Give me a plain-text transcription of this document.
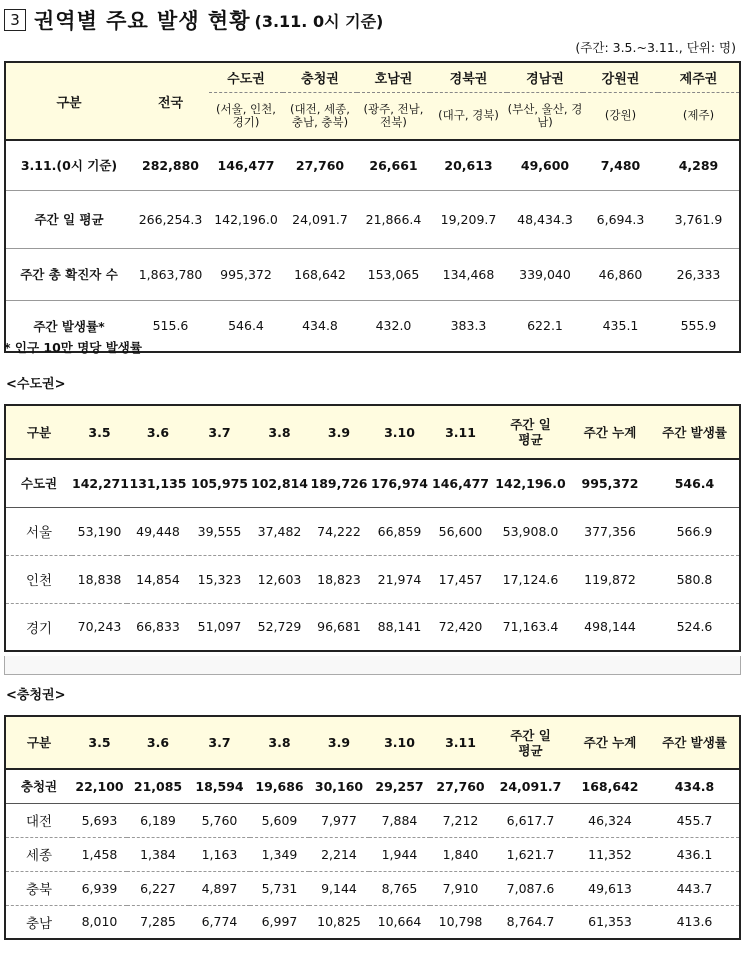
3 권역별 주요 발생 현황 (3.11. 0시 기준)
(주간: 3.5.~3.11., 단위: 명)
구분	전국	수도권	충청권	호남권	경북권	경남권	강원권	제주권
		(서울, 인천, 경기)	(대전, 세종, 충남, 충북)	(광주, 전남, 전북)	(대구, 경북)	(부산, 울산, 경남)	(강원)	(제주)
3.11.(0시 기준)	282,880	146,477	27,760	26,661	20,613	49,600	7,480	4,289
주간 일 평균	266,254.3	142,196.0	24,091.7	21,866.4	19,209.7	48,434.3	6,694.3	3,761.9
주간 총 확진자 수	1,863,780	995,372	168,642	153,065	134,468	339,040	46,860	26,333
주간 발생률*	515.6	546.4	434.8	432.0	383.3	622.1	435.1	555.9
* 인구 10만 명당 발생률
<수도권>
구분	3.5	3.6	3.7	3.8	3.9	3.10	3.11	주간 일 평균	주간 누계	주간 발생률
수도권	142,271	131,135	105,975	102,814	189,726	176,974	146,477	142,196.0	995,372	546.4
서울	53,190	49,448	39,555	37,482	74,222	66,859	56,600	53,908.0	377,356	566.9
인천	18,838	14,854	15,323	12,603	18,823	21,974	17,457	17,124.6	119,872	580.8
경기	70,243	66,833	51,097	52,729	96,681	88,141	72,420	71,163.4	498,144	524.6
<충청권>
구분	3.5	3.6	3.7	3.8	3.9	3.10	3.11	주간 일 평균	주간 누계	주간 발생률
충청권	22,100	21,085	18,594	19,686	30,160	29,257	27,760	24,091.7	168,642	434.8
대전	5,693	6,189	5,760	5,609	7,977	7,884	7,212	6,617.7	46,324	455.7
세종	1,458	1,384	1,163	1,349	2,214	1,944	1,840	1,621.7	11,352	436.1
충북	6,939	6,227	4,897	5,731	9,144	8,765	7,910	7,087.6	49,613	443.7
충남	8,010	7,285	6,774	6,997	10,825	10,664	10,798	8,764.7	61,353	413.6
